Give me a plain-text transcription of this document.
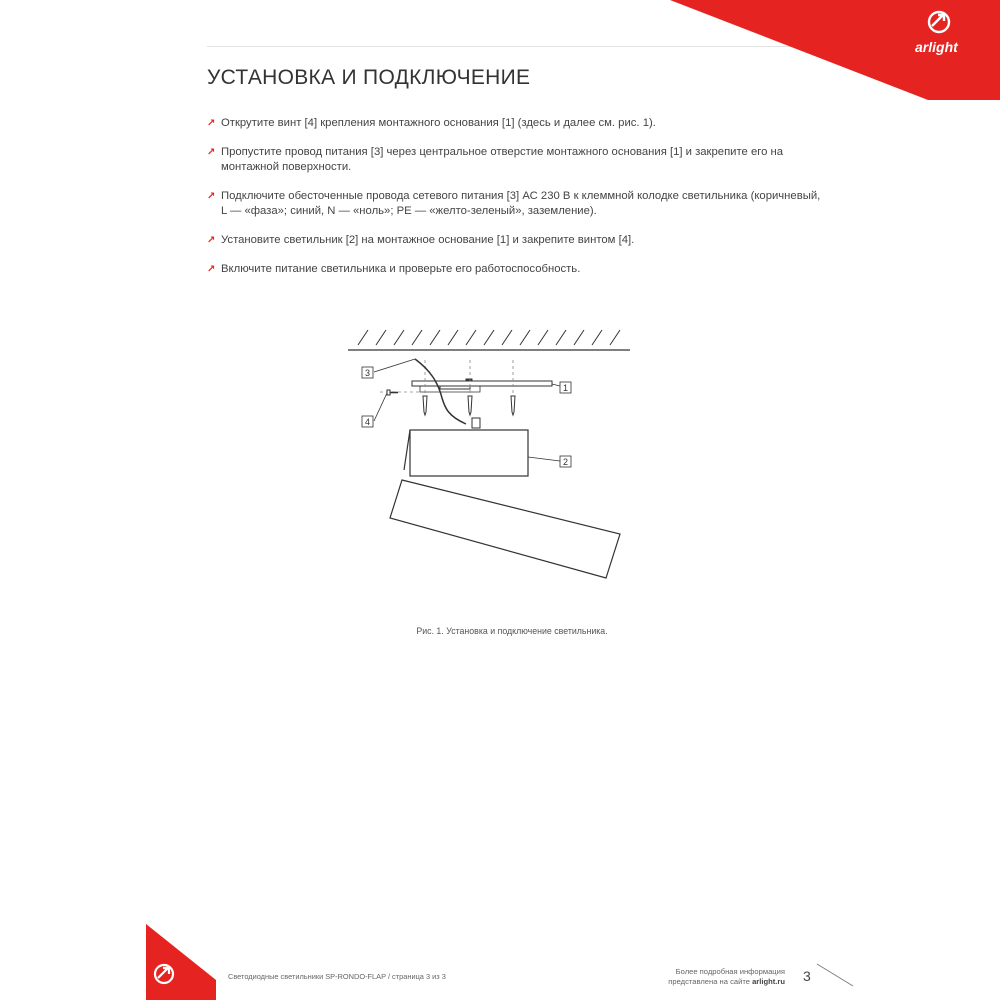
arlight
УСТАНОВКА И ПОДКЛЮЧЕНИЕ
↗ Открутите винт [4] крепления монтажного основания [1] (здесь и далее см. рис. 1).
↗ Пропустите провод питания [3] через центральное отверстие монтажного основания [1] и закрепите его на монтажной поверхности.
↗ Подключите обесточенные провода сетевого питания [3] АС 230 В к клеммной колодке светильника (коричневый, L — «фаза»; синий, N — «ноль»; PE — «желто-зеленый», заземление).
↗ Установите светильник [2] на монтажное основание [1] и закрепите винтом [4].
↗ Включите питание светильника и проверьте его работоспособность.
3
1
2
4
Рис. 1. Установка и подключение светильника.
Светодиодные светильники SP-RONDO-FLAP / страница 3 из 3
Более подробная информация
представлена на сайте arlight.ru 3
